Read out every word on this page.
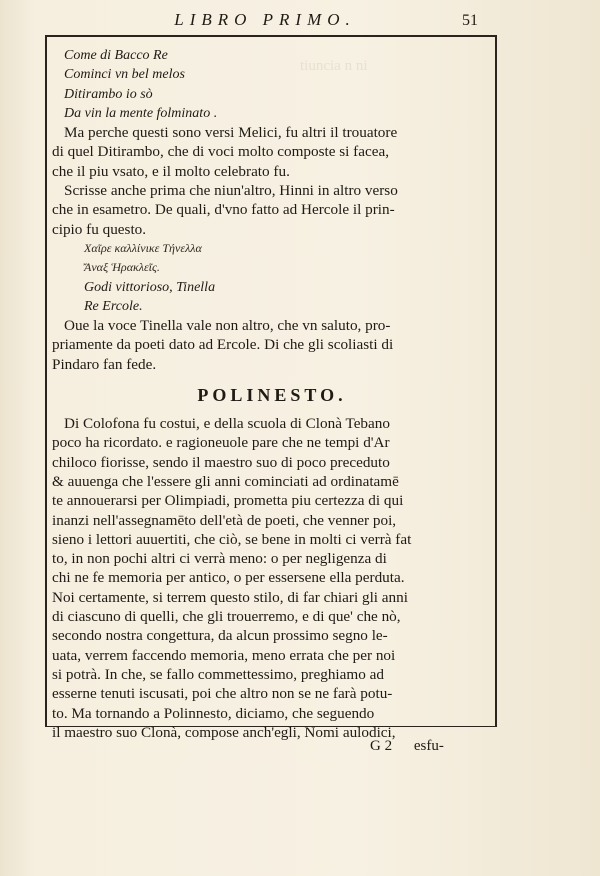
tiuncia n ni
LIBRO PRIMO.	51
Come di Bacco Re
Cominci vn bel melos
Ditirambo io sò
Da vin la mente folminato .
Ma perche questi sono versi Melici, fu altri il trouatore
di quel Ditirambo, che di voci molto composte si facea,
che il piu vsato, e il molto celebrato fu.
Scrisse anche prima che niun'altro, Hinni in altro verso
che in esametro. De quali, d'vno fatto ad Hercole il prin-
cipio fu questo.
Χαῖρε καλλίνικε Τήνελλα
Ἄναξ Ἡρακλεῖς.
Godi vittorioso, Tinella
Re Ercole.
Oue la voce Tinella vale non altro, che vn saluto, pro-
priamente da poeti dato ad Ercole. Di che gli scoliasti di
Pindaro fan fede.
POLINESTO.
Di Colofona fu costui, e della scuola di Clonà Tebano
poco ha ricordato. e ragioneuole pare che ne tempi d'Ar
chiloco fiorisse, sendo il maestro suo di poco preceduto
& auuenga che l'essere gli anni cominciati ad ordinatamē
te annouerarsi per Olimpiadi, prometta piu certezza di qui
inanzi nell'assegnamēto dell'età de poeti, che venner poi,
sieno i lettori auuertiti, che ciò, se bene in molti ci verrà fat
to, in non pochi altri ci verrà meno: o per negligenza di
chi ne fe memoria per antico, o per essersene ella perduta.
Noi certamente, si terrem questo stilo, di far chiari gli anni
di ciascuno di quelli, che gli trouerremo, e di que' che nò,
secondo nostra congettura, da alcun prossimo segno le-
uata, verrem faccendo memoria, meno errata che per noi
si potrà. In che, se fallo commettessimo, preghiamo ad
esserne tenuti iscusati, poi che altro non se ne farà potu-
to. Ma tornando a Polinnesto, diciamo, che seguendo
il maestro suo Clonà, compose anch'egli, Nomi aulodici,
G 2 esfu-
